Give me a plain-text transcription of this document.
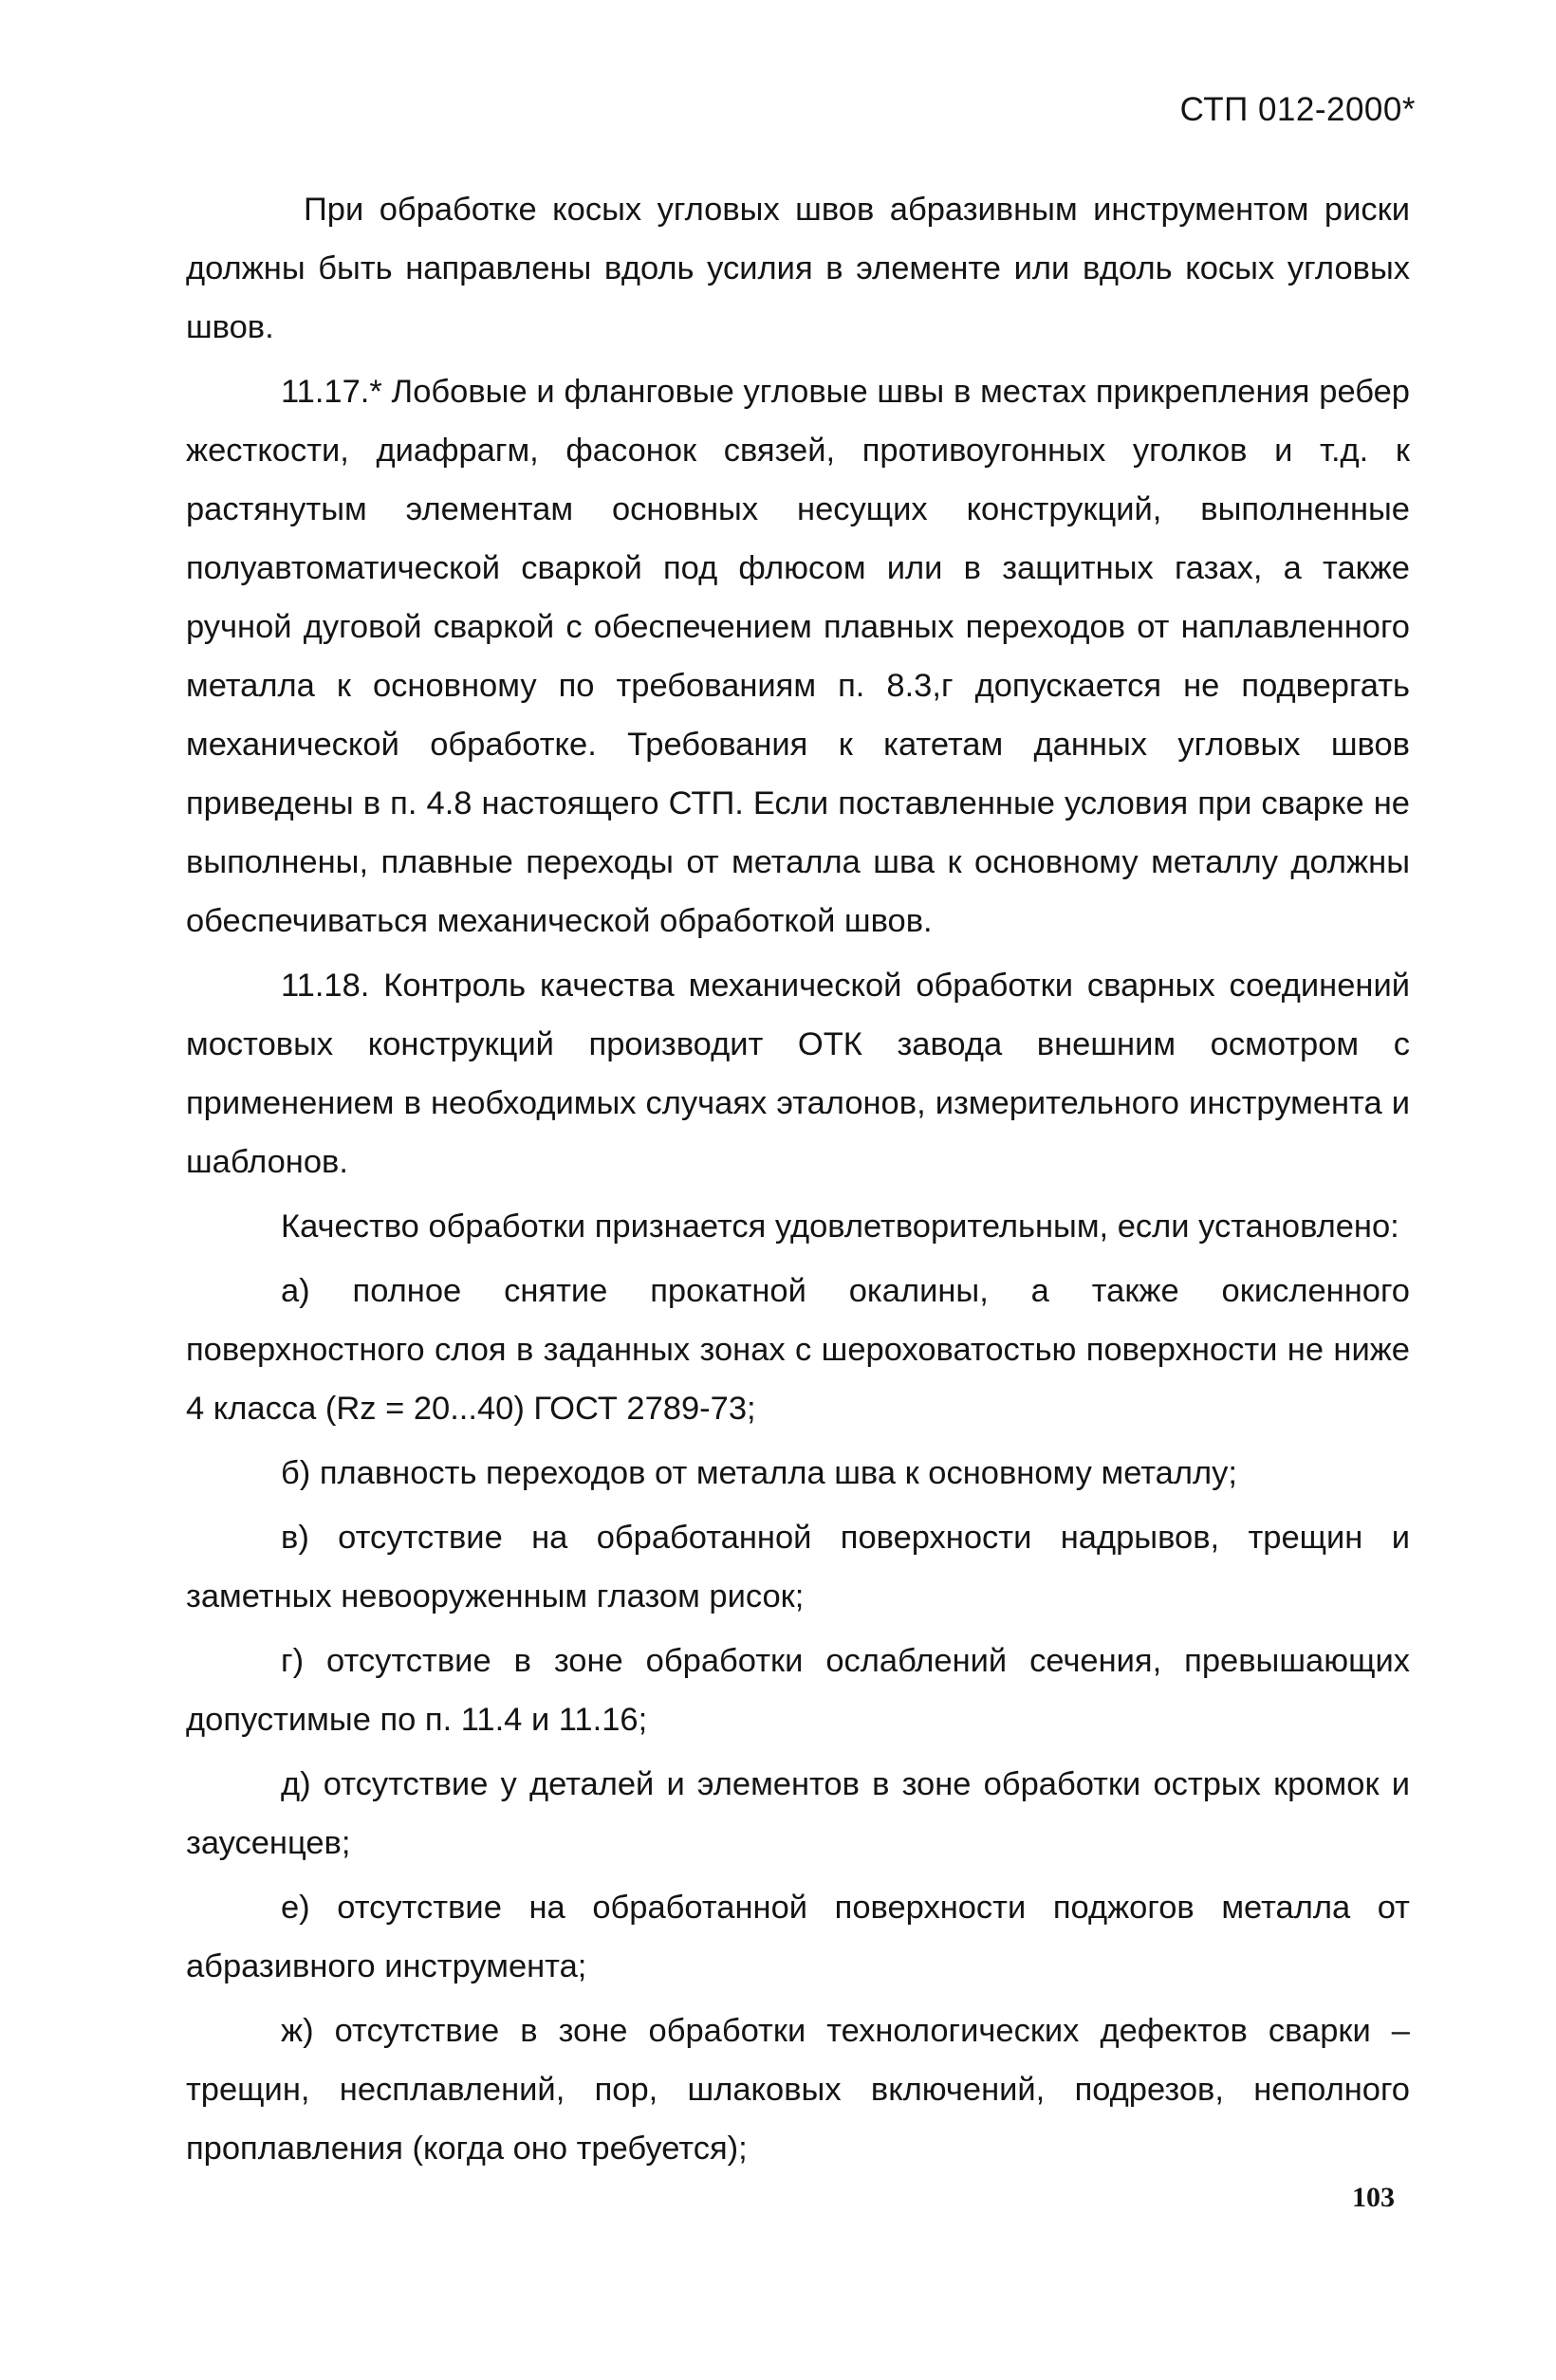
СТП 012-2000*

При обработке косых угловых швов абразивным инструментом риски должны быть направлены вдоль усилия в элементе или вдоль косых угловых швов.

11.17.* Лобовые и фланговые угловые швы в местах прикрепления ребер жесткости, диафрагм, фасонок связей, противоугонных уголков и т.д. к растянутым элементам основных несущих конструкций, выполненные полуавтоматической сваркой под флюсом или в защитных газах, а также ручной дуговой сваркой с обеспечением плавных переходов от наплавленного металла к основному по требованиям п. 8.3,г допускается не подвергать механической обработке. Требования к катетам данных угловых швов приведены в п. 4.8 настоящего СТП. Если поставленные условия при сварке не выполнены, плавные переходы от металла шва к основному металлу должны обеспечиваться механической обработкой швов.

11.18. Контроль качества механической обработки сварных соединений мостовых конструкций производит ОТК завода внешним осмотром с применением в необходимых случаях эталонов, измерительного инструмента и шаблонов.

Качество обработки признается удовлетворительным, если установлено:

а) полное снятие прокатной окалины, а также окисленного поверхностного слоя в заданных зонах с шероховатостью поверхности не ниже 4 класса (Rz = 20...40) ГОСТ 2789-73;

б) плавность переходов от металла шва к основному металлу;

в) отсутствие на обработанной поверхности надрывов, трещин и заметных невооруженным глазом рисок;

г) отсутствие в зоне обработки ослаблений сечения, превышающих допустимые по п. 11.4 и 11.16;

д) отсутствие у деталей и элементов в зоне обработки острых кромок и заусенцев;

е) отсутствие на обработанной поверхности поджогов металла от абразивного инструмента;

ж) отсутствие в зоне обработки технологических дефектов сварки – трещин, несплавлений, пор, шлаковых включений, подрезов, неполного проплавления (когда оно требуется);

103
